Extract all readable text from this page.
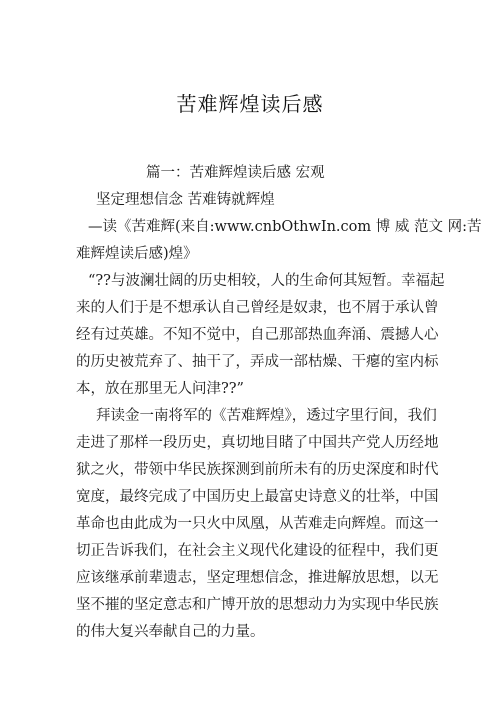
苦难辉煌读后感
篇一：苦难辉煌读后感 宏观
坚定理想信念 苦难铸就辉煌
—读《苦难辉(来自:www.cnbOthwIn.com 博 威 范文 网:苦
难辉煌读后感)煌》
“??与波澜壮阔的历史相较，人的生命何其短暂。幸福起
来的人们于是不想承认自己曾经是奴隶，也不屑于承认曾
经有过英雄。不知不觉中，自己那部热血奔涌、震撼人心
的历史被荒弃了、抽干了，弄成一部枯燥、干瘪的室内标
本，放在那里无人问津??”
拜读金一南将军的《苦难辉煌》，透过字里行间，我们
走进了那样一段历史，真切地目睹了中国共产党人历经地
狱之火，带领中华民族探测到前所未有的历史深度和时代
宽度，最终完成了中国历史上最富史诗意义的壮举，中国
革命也由此成为一只火中凤凰，从苦难走向辉煌。而这一
切正告诉我们，在社会主义现代化建设的征程中，我们更
应该继承前辈遗志，坚定理想信念，推进解放思想，以无
坚不摧的坚定意志和广博开放的思想动力为实现中华民族
的伟大复兴奉献自己的力量。
